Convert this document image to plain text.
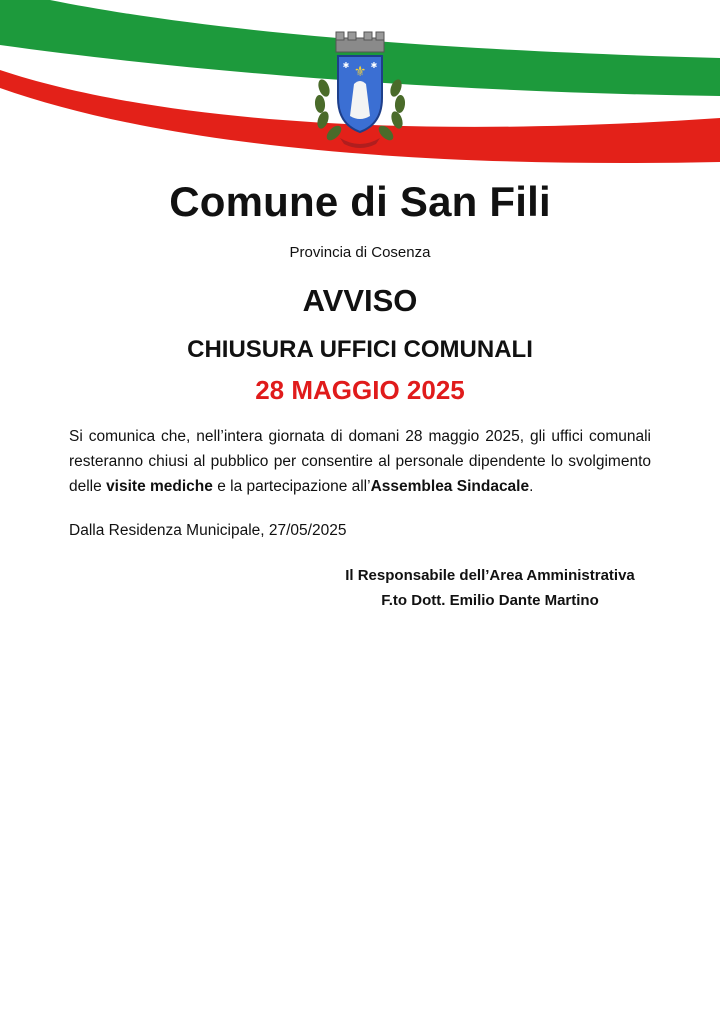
⚜
✱	✱
Comune di San Fili

Provincia di Cosenza

AVVISO
CHIUSURA UFFICI COMUNALI
28 MAGGIO 2025

Si comunica che, nell’intera giornata di domani 28 maggio 2025, gli uffici comunali resteranno chiusi al pubblico per consentire al personale dipendente lo svolgimento delle visite mediche e la partecipazione all’Assemblea Sindacale.

Dalla Residenza Municipale, 27/05/2025

Il Responsabile dell’Area Amministrativa
F.to Dott. Emilio Dante Martino
